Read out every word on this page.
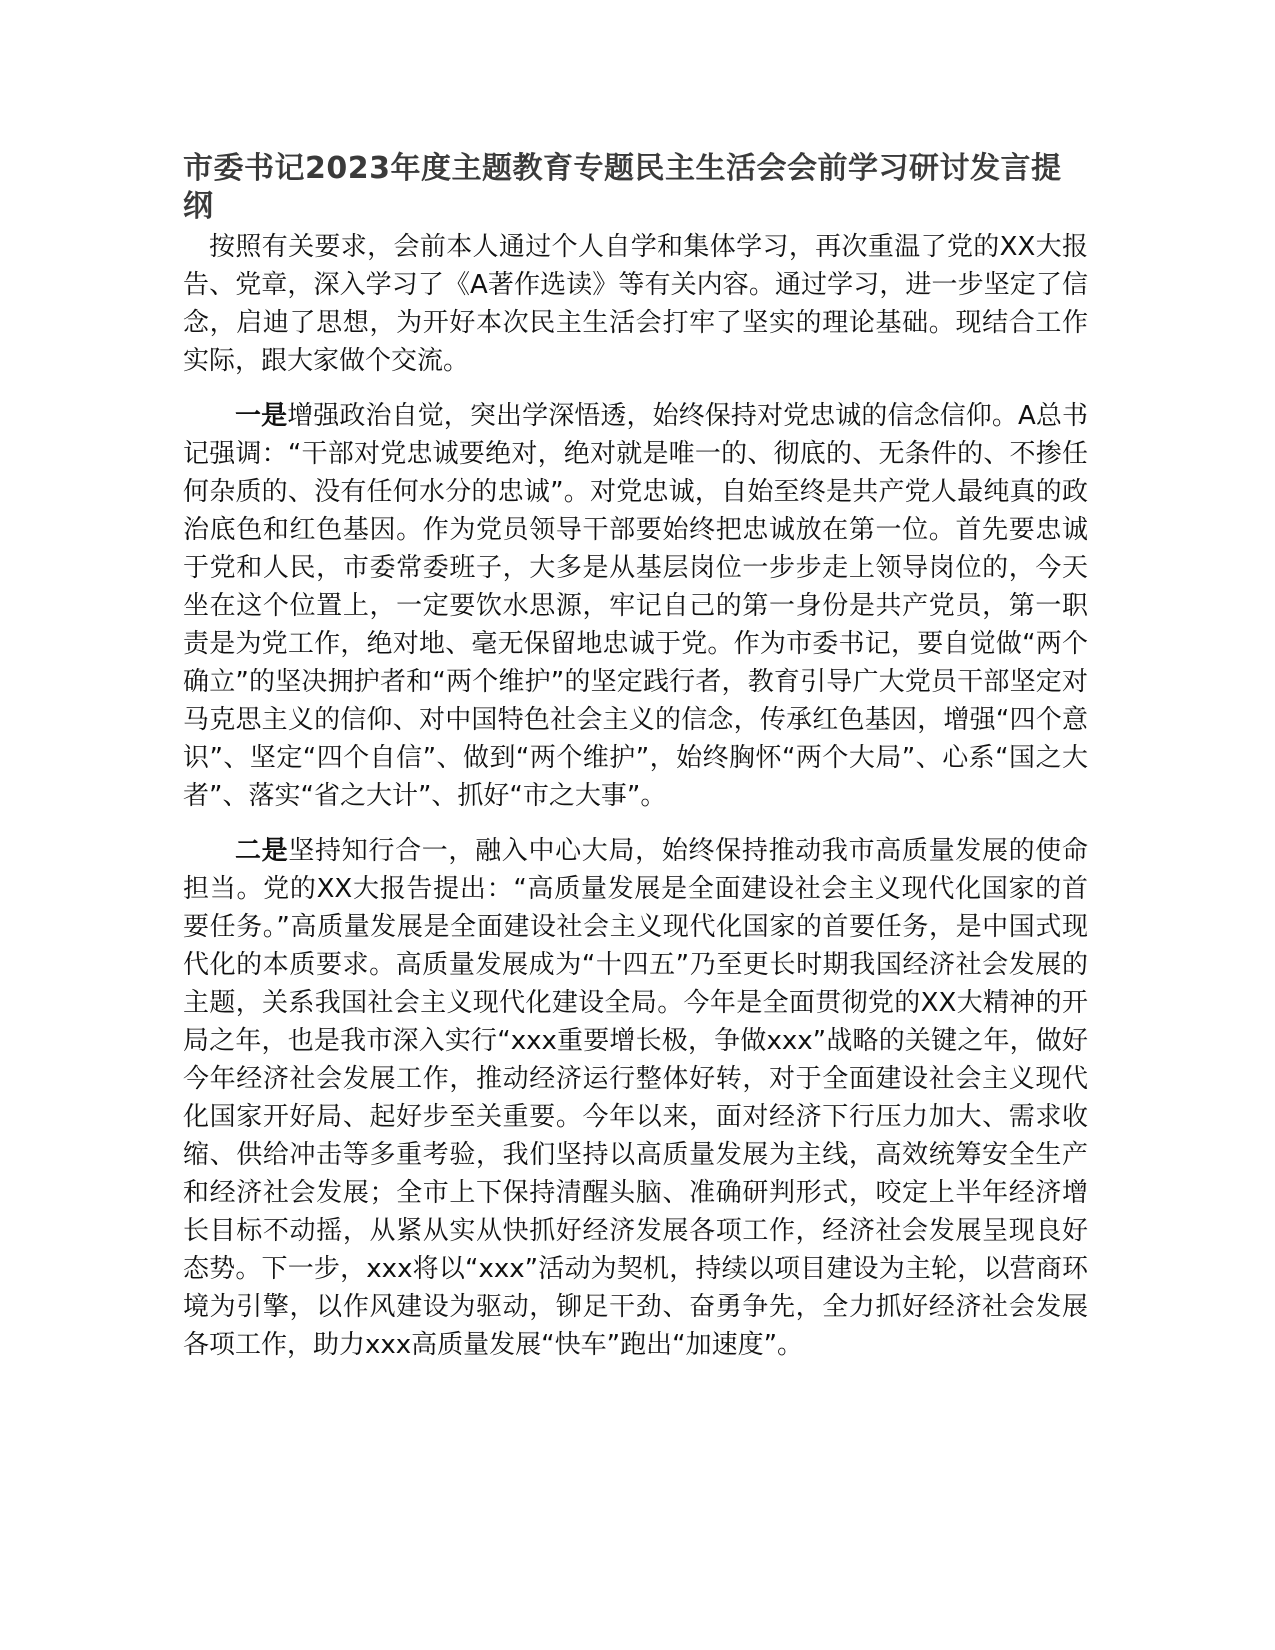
市委书记2023年度主题教育专题民主生活会会前学习研讨发言提纲

按照有关要求，会前本人通过个人自学和集体学习，再次重温了党的XX大报告、党章，深入学习了《A著作选读》等有关内容。通过学习，进一步坚定了信念，启迪了思想，为开好本次民主生活会打牢了坚实的理论基础。现结合工作实际，跟大家做个交流。

一是增强政治自觉，突出学深悟透，始终保持对党忠诚的信念信仰。A总书记强调：“干部对党忠诚要绝对，绝对就是唯一的、彻底的、无条件的、不掺任何杂质的、没有任何水分的忠诚”。对党忠诚，自始至终是共产党人最纯真的政治底色和红色基因。作为党员领导干部要始终把忠诚放在第一位。首先要忠诚于党和人民，市委常委班子，大多是从基层岗位一步步走上领导岗位的，今天坐在这个位置上，一定要饮水思源，牢记自己的第一身份是共产党员，第一职责是为党工作，绝对地、毫无保留地忠诚于党。作为市委书记，要自觉做“两个确立”的坚决拥护者和“两个维护”的坚定践行者，教育引导广大党员干部坚定对马克思主义的信仰、对中国特色社会主义的信念，传承红色基因，增强“四个意识”、坚定“四个自信”、做到“两个维护”，始终胸怀“两个大局”、心系“国之大者”、落实“省之大计”、抓好“市之大事”。

二是坚持知行合一，融入中心大局，始终保持推动我市高质量发展的使命担当。党的XX大报告提出：“高质量发展是全面建设社会主义现代化国家的首要任务。”高质量发展是全面建设社会主义现代化国家的首要任务，是中国式现代化的本质要求。高质量发展成为“十四五”乃至更长时期我国经济社会发展的主题，关系我国社会主义现代化建设全局。今年是全面贯彻党的XX大精神的开局之年，也是我市深入实行“xxx重要增长极，争做xxx”战略的关键之年，做好今年经济社会发展工作，推动经济运行整体好转，对于全面建设社会主义现代化国家开好局、起好步至关重要。今年以来，面对经济下行压力加大、需求收缩、供给冲击等多重考验，我们坚持以高质量发展为主线，高效统筹安全生产和经济社会发展；全市上下保持清醒头脑、准确研判形式，咬定上半年经济增长目标不动摇，从紧从实从快抓好经济发展各项工作，经济社会发展呈现良好态势。下一步，xxx将以“xxx”活动为契机，持续以项目建设为主轮，以营商环境为引擎，以作风建设为驱动，铆足干劲、奋勇争先，全力抓好经济社会发展各项工作，助力xxx高质量发展“快车”跑出“加速度”。
